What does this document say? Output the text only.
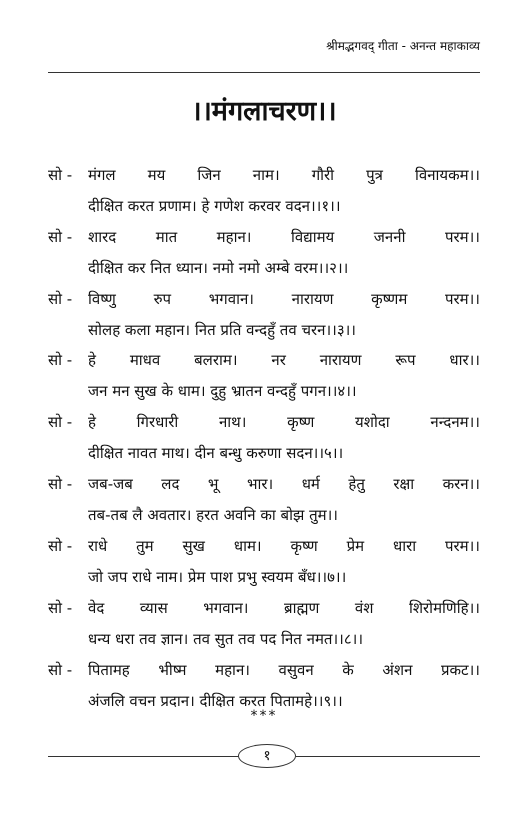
श्रीमद्भगवद् गीता - अनन्त महाकाव्य
।।मंगलाचरण।।
सो -	मंगल मय जिन नाम। गौरी पुत्र विनायकम।।
दीक्षित करत प्रणाम। हे गणेश करवर वदन।।१।।
सो -	शारद मात महान। विद्यामय जननी परम।।
दीक्षित कर नित ध्यान। नमो नमो अम्बे वरम।।२।।
सो -	विष्णु रुप भगवान। नारायण कृष्णम परम।।
सोलह कला महान। नित प्रति वन्दहुँ तव चरन।।३।।
सो -	हे माधव बलराम। नर नारायण रूप धार।।
जन मन सुख के धाम। दुहु भ्रातन वन्दहुँ पगन।।४।।
सो -	हे गिरधारी नाथ। कृष्ण यशोदा नन्दनम।।
दीक्षित नावत माथ। दीन बन्धु करुणा सदन।।५।।
सो -	जब-जब लद भू भार। धर्म हेतु रक्षा करन।।
तब-तब लै अवतार। हरत अवनि का बोझ तुम।।
सो -	राधे तुम सुख धाम। कृष्ण प्रेम धारा परम।।
जो जप राधे नाम। प्रेम पाश प्रभु स्वयम बँध।।७।।
सो -	वेद व्यास भगवान। ब्राह्मण वंश शिरोमणिहि।।
धन्य धरा तव ज्ञान। तव सुत तव पद नित नमत।।८।।
सो -	पितामह भीष्म महान। वसुवन के अंशन प्रकट।।
अंजलि वचन प्रदान। दीक्षित करत पितामहे।।९।।
***
१
